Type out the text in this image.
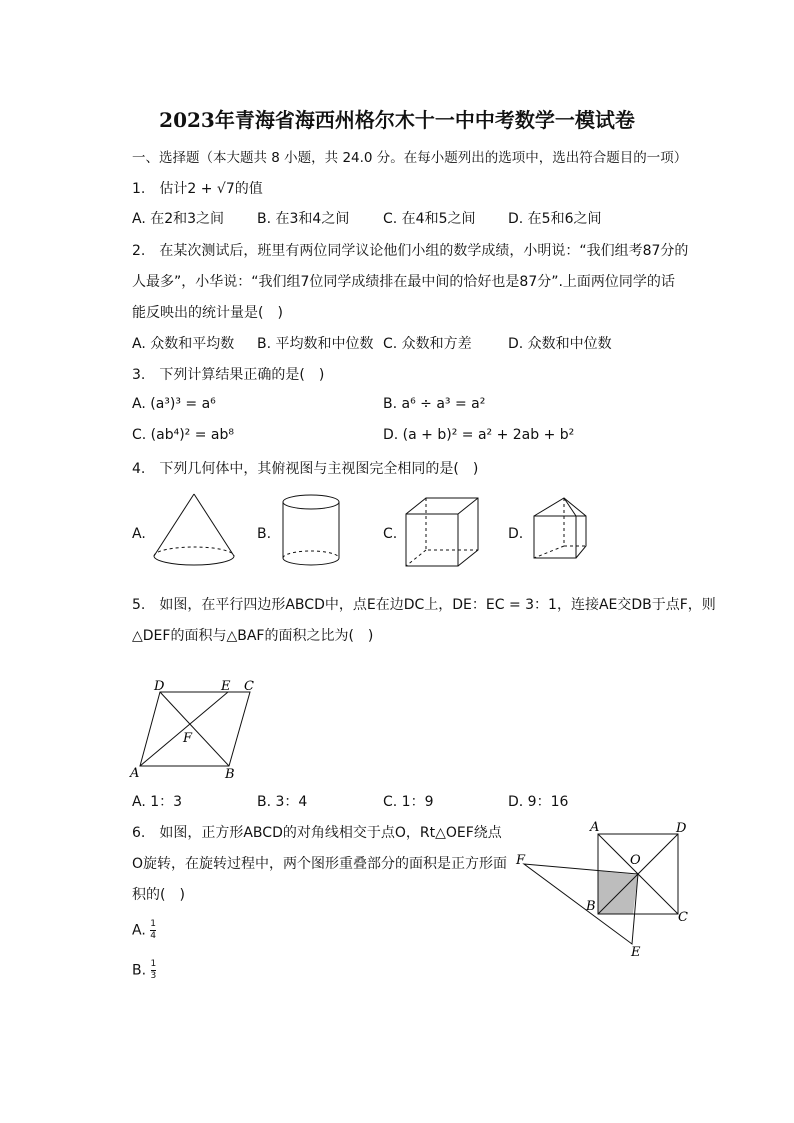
2023年青海省海西州格尔木十一中中考数学一模试卷
一、选择题（本大题共 8 小题，共 24.0 分。在每小题列出的选项中，选出符合题目的一项）
1.　估计2 + √7的值
A. 在2和3之间 B. 在3和4之间 C. 在4和5之间 D. 在5和6之间
2.　在某次测试后，班里有两位同学议论他们小组的数学成绩，小明说：“我们组考87分的
人最多”，小华说：“我们组7位同学成绩排在最中间的恰好也是87分”.上面两位同学的话
能反映出的统计量是(　)
A. 众数和平均数 B. 平均数和中位数 C. 众数和方差	D. 众数和中位数
3.　下列计算结果正确的是(　)
A. (a³)³ = a⁶	B. a⁶ ÷ a³ = a²
C. (ab⁴)² = ab⁸	D. (a + b)² = a² + 2ab + b²
4.　下列几何体中，其俯视图与主视图完全相同的是(　)
A.	B.	C.	D.
5.　如图，在平行四边形ABCD中，点E在边DC上，DE：EC = 3：1，连接AE交DB于点F，则
△DEF的面积与△BAF的面积之比为(　)
D	E C
F
A	B
A. 1：3	B. 3：4	C. 1：9	D. 9：16
6.　如图，正方形ABCD的对角线相交于点O，Rt△OEF绕点
O旋转，在旋转过程中，两个图形重叠部分的面积是正方形面
积的(　)
A. $\frac{1}{4}$
B. $\frac{1}{3}$
A	D
O
F
B
C
E
